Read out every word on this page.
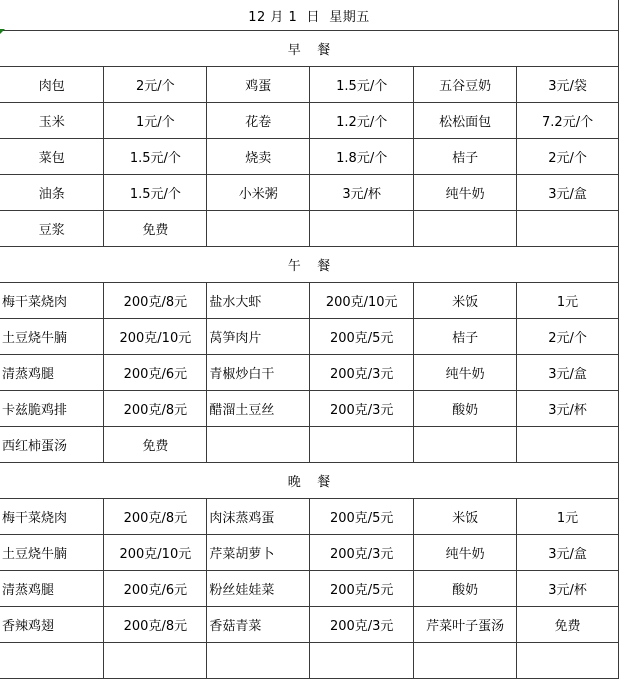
12 月 1  日  星期五					
早    餐					
肉包	2元/个	鸡蛋	1.5元/个	五谷豆奶	3元/袋
玉米	1元/个	花卷	1.2元/个	松松面包	7.2元/个
菜包	1.5元/个	烧卖	1.8元/个	桔子	2元/个
油条	1.5元/个	小米粥	3元/杯	纯牛奶	3元/盒
豆浆	免费				
午    餐					
梅干菜烧肉	200克/8元	盐水大虾	200克/10元	米饭	1元
土豆烧牛腩	200克/10元	莴笋肉片	200克/5元	桔子	2元/个
清蒸鸡腿	200克/6元	青椒炒白干	200克/3元	纯牛奶	3元/盒
卡兹脆鸡排	200克/8元	醋溜土豆丝	200克/3元	酸奶	3元/杯
西红柿蛋汤	免费				
晚    餐					
梅干菜烧肉	200克/8元	肉沫蒸鸡蛋	200克/5元	米饭	1元
土豆烧牛腩	200克/10元	芹菜胡萝卜	200克/3元	纯牛奶	3元/盒
清蒸鸡腿	200克/6元	粉丝娃娃菜	200克/5元	酸奶	3元/杯
香辣鸡翅	200克/8元	香菇青菜	200克/3元	芹菜叶子蛋汤	免费
